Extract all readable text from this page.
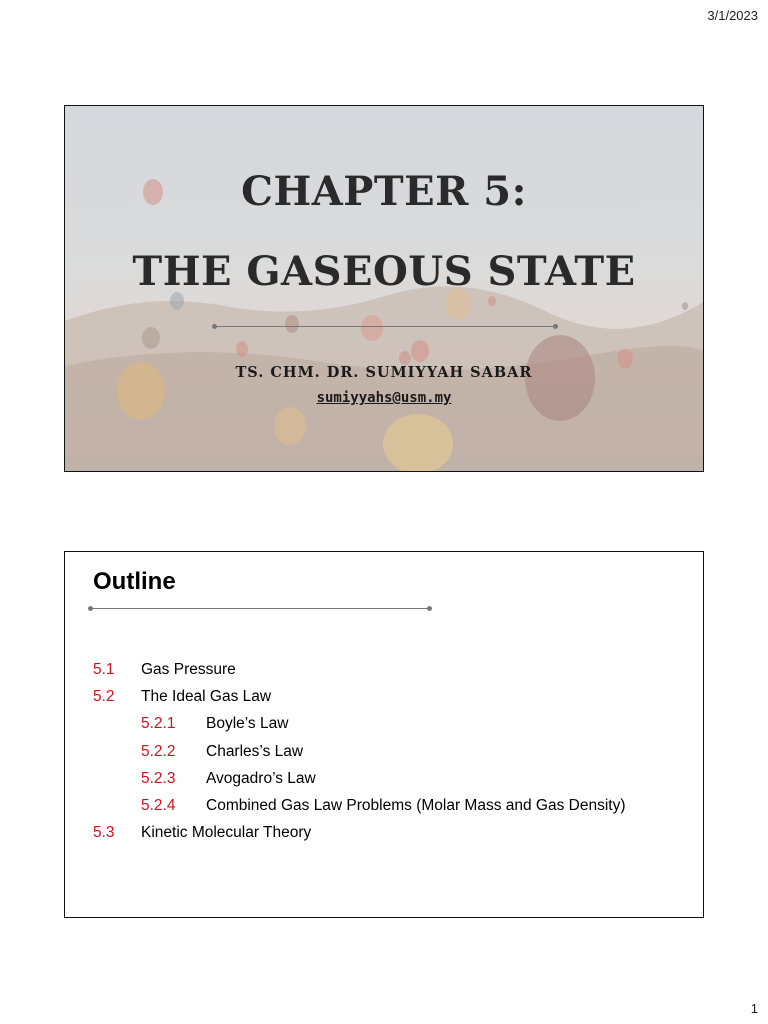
3/1/2023
CHAPTER 5:
THE GASEOUS STATE
TS. CHM. DR. SUMIYYAH SABAR
sumiyyahs@usm.my
Outline
5.1	Gas Pressure
5.2	The Ideal Gas Law
5.2.1	Boyle’s Law
5.2.2	Charles’s Law
5.2.3	Avogadro’s Law
5.2.4	Combined Gas Law Problems (Molar Mass and Gas Density)
5.3	Kinetic Molecular Theory
1
